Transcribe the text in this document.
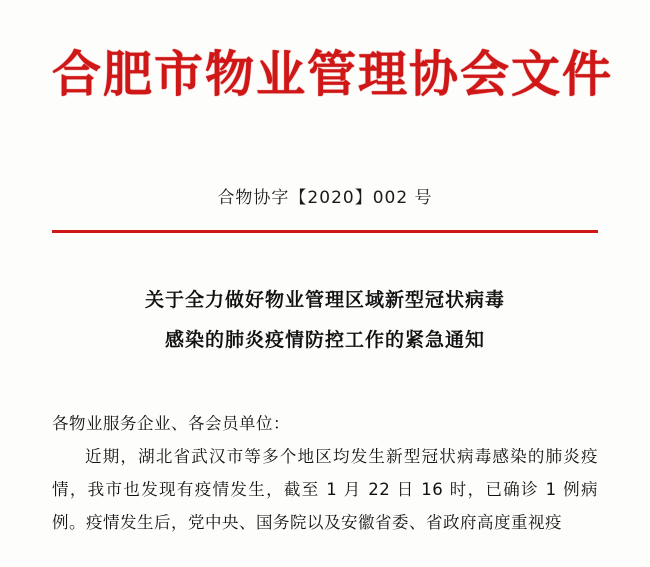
合肥市物业管理协会文件
合物协字【2020】002 号
关于全力做好物业管理区域新型冠状病毒
感染的肺炎疫情防控工作的紧急通知
各物业服务企业、各会员单位：

近期，湖北省武汉市等多个地区均发生新型冠状病毒感染的肺炎疫情，我市也发现有疫情发生，截至 1 月 22 日 16 时，已确诊 1 例病例。疫情发生后，党中央、国务院以及安徽省委、省政府高度重视疫
